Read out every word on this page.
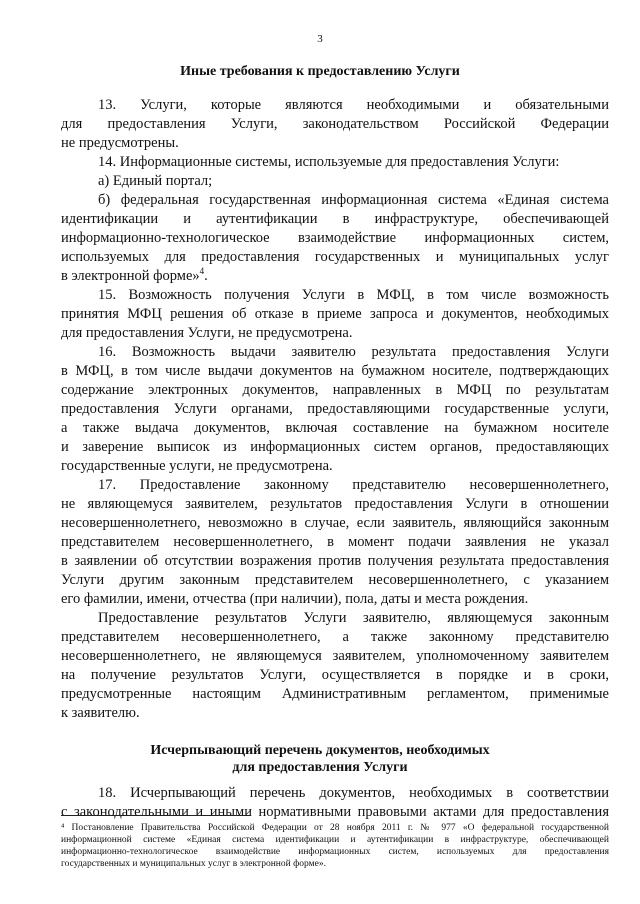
3
Иные требования к предоставлению Услуги
13. Услуги, которые являются необходимыми и обязательными
для предоставления Услуги, законодательством Российской Федерации
не предусмотрены.
14. Информационные системы, используемые для предоставления Услуги:
а) Единый портал;
б) федеральная государственная информационная система «Единая система
идентификации и аутентификации в инфраструктуре, обеспечивающей
информационно-технологическое взаимодействие информационных систем,
используемых для предоставления государственных и муниципальных услуг
в электронной форме»$^4$.
15. Возможность получения Услуги в МФЦ, в том числе возможность
принятия МФЦ решения об отказе в приеме запроса и документов, необходимых
для предоставления Услуги, не предусмотрена.
16. Возможность выдачи заявителю результата предоставления Услуги
в МФЦ, в том числе выдачи документов на бумажном носителе, подтверждающих
содержание электронных документов, направленных в МФЦ по результатам
предоставления Услуги органами, предоставляющими государственные услуги,
а также выдача документов, включая составление на бумажном носителе
и заверение выписок из информационных систем органов, предоставляющих
государственные услуги, не предусмотрена.
17. Предоставление законному представителю несовершеннолетнего,
не являющемуся заявителем, результатов предоставления Услуги в отношении
несовершеннолетнего, невозможно в случае, если заявитель, являющийся законным
представителем несовершеннолетнего, в момент подачи заявления не указал
в заявлении об отсутствии возражения против получения результата предоставления
Услуги другим законным представителем несовершеннолетнего, с указанием
его фамилии, имени, отчества (при наличии), пола, даты и места рождения.
Предоставление результатов Услуги заявителю, являющемуся законным
представителем несовершеннолетнего, а также законному представителю
несовершеннолетнего, не являющемуся заявителем, уполномоченному заявителем
на получение результатов Услуги, осуществляется в порядке и в сроки,
Исчерпывающий перечень документов, необходимых
для предоставления Услуги
18. Исчерпывающий перечень документов, необходимых в соответствии
с законодательными и иными нормативными правовыми актами для предоставления
⁴ Постановление Правительства Российской Федерации от 28 ноября 2011 г. № 977 «О федеральной государственной
информационной системе «Единая система идентификации и аутентификации в инфраструктуре, обеспечивающей
информационно-технологическое взаимодействие информационных систем, используемых для предоставления
государственных и муниципальных услуг в электронной форме».
предусмотренные настоящим Административным регламентом, применимые
к заявителю.
